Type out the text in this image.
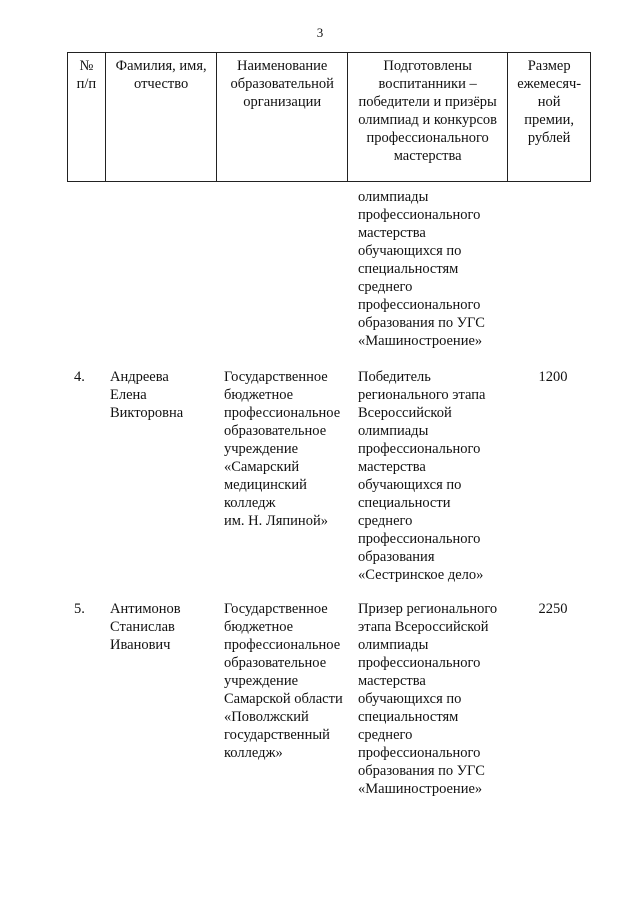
3
№
п/п
Фамилия, имя,
отчество
Наименование
образовательной
организации
Подготовлены
воспитанники –
победители и призёры
олимпиад и конкурсов
профессионального
мастерства
Размер
ежемесяч-
ной
премии,
рублей
олимпиады
профессионального
мастерства
обучающихся по
специальностям
среднего
профессионального
образования по УГС
«Машиностроение»
4.	Андреева
Елена
Викторовна
Государственное
бюджетное
профессиональное
образовательное
учреждение
«Самарский
медицинский
колледж
им. Н. Ляпиной»
Победитель
регионального этапа
Всероссийской
олимпиады
профессионального
мастерства
обучающихся по
специальности
среднего
профессионального
образования
«Сестринское дело»
1200
5.	Антимонов
Станислав
Иванович
Государственное
бюджетное
профессиональное
образовательное
учреждение
Самарской области
«Поволжский
государственный
колледж»
Призер регионального
этапа Всероссийской
олимпиады
профессионального
мастерства
обучающихся по
специальностям
среднего
профессионального
образования по УГС
«Машиностроение»
2250
